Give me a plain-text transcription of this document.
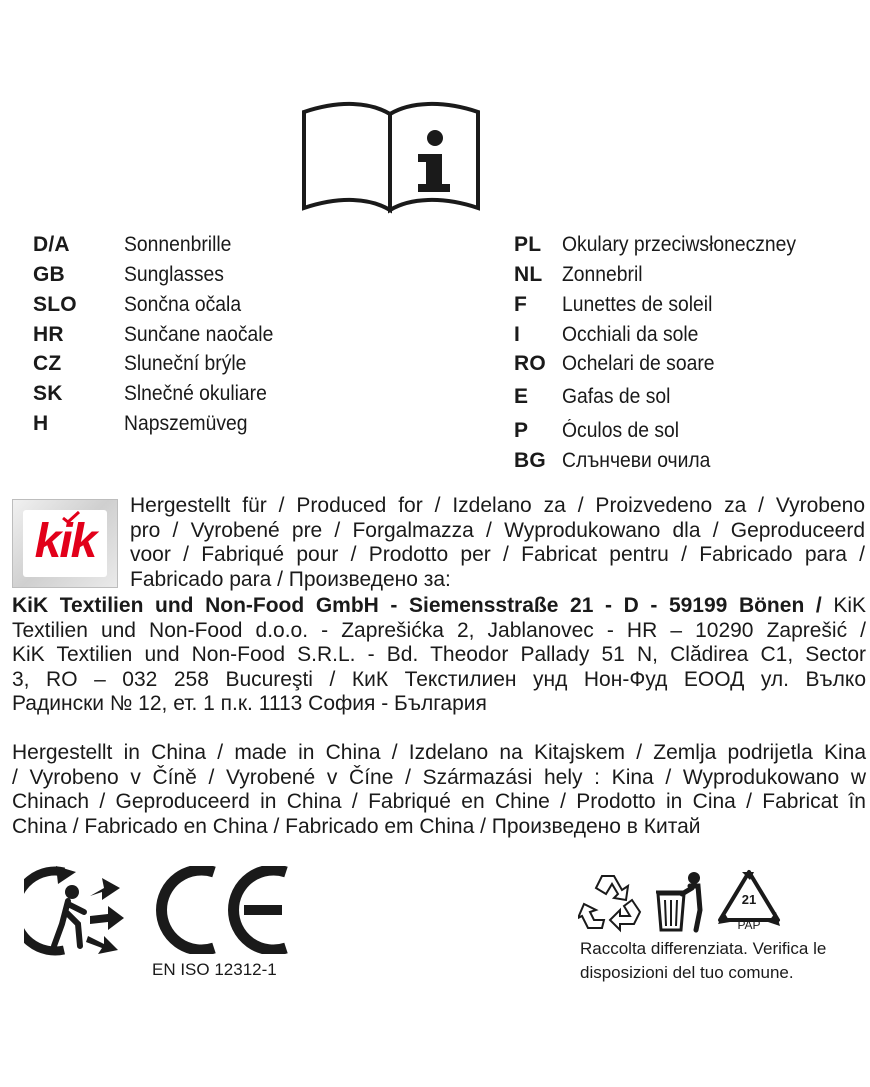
D/A	Sonnenbrille
GB	Sunglasses
SLO Sončna očala
HR	Sunčane naočale
CZ	Sluneční brýle
SK	Slnečné okuliare
H	Napszemüveg
PL Okulary przeciwsłoneczney
NL Zonnebril
F Lunettes de soleil
I Occhiali da sole
RO Ochelari de soare
E Gafas de sol
P Óculos de sol
BG Слънчеви очила
kik
Hergestellt für / Produced for / Izdelano za / Proizvedeno za / Vyrobeno
pro / Vyrobené pre / Forgalmazza / Wyprodukowano dla / Geproduceerd
voor / Fabriqué pour / Prodotto per / Fabricat pentru / Fabricado para /
Fabricado para / Произведено за:
KiK Textilien und Non-Food GmbH - Siemensstraße 21 - D - 59199 Bönen / KiK
Textilien und Non-Food d.o.o. - Zaprešićka 2, Jablanovec - HR – 10290 Zaprešić /
KiK Textilien und Non-Food S.R.L. - Bd. Theodor Pallady 51 N, Clădirea C1, Sector
3, RO – 032 258 Bucureşti / КиК Текстилиен унд Нон-Фуд ЕООД ул. Вълко
Радински № 12, ет. 1 п.к. 1113 София - България
Hergestellt in China / made in China / Izdelano na Kitajskem / Zemlja podrijetla Kina
/ Vyrobeno v Číně / Vyrobené v Číne / Származási hely : Kina / Wyprodukowano w
Chinach / Geproduceerd in China / Fabriqué en Chine / Prodotto in Cina / Fabricat în
China / Fabricado en China / Fabricado em China / Произведено в Китай
EN ISO 12312-1
21
PAP
Raccolta differenziata. Verifica le
disposizioni del tuo comune.
